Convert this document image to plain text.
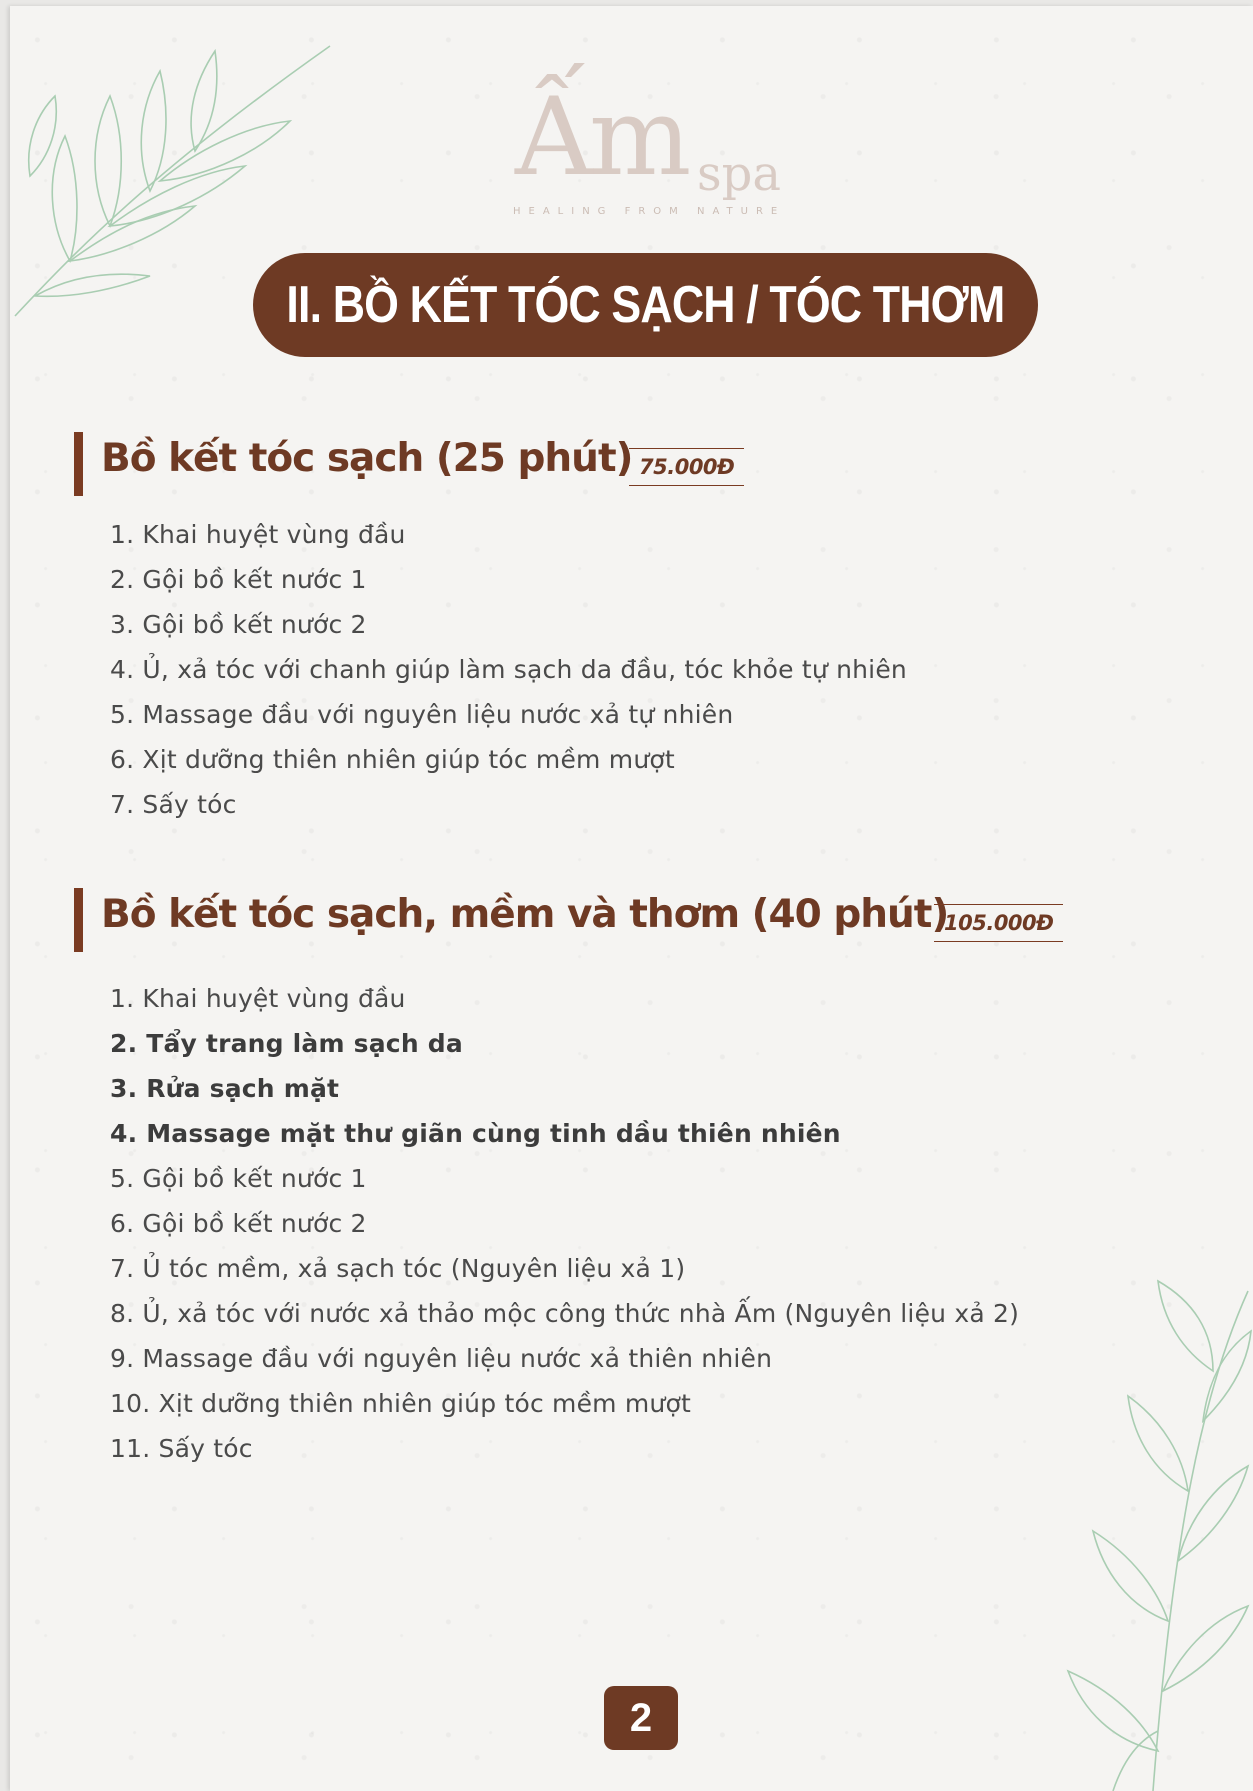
Ấm spa
HEALING FROM NATURE
II. BỒ KẾT TÓC SẠCH / TÓC THƠM
Bồ kết tóc sạch (25 phút) 75.000Đ
1. Khai huyệt vùng đầu
2. Gội bồ kết nước 1
3. Gội bồ kết nước 2
4. Ủ, xả tóc với chanh giúp làm sạch da đầu, tóc khỏe tự nhiên
5. Massage đầu với nguyên liệu nước xả tự nhiên
6. Xịt dưỡng thiên nhiên giúp tóc mềm mượt
7. Sấy tóc
Bồ kết tóc sạch, mềm và thơm (40 phút)
105.000Đ
1. Khai huyệt vùng đầu
2. Tẩy trang làm sạch da
3. Rửa sạch mặt
4. Massage mặt thư giãn cùng tinh dầu thiên nhiên
5. Gội bồ kết nước 1
6. Gội bồ kết nước 2
7. Ủ tóc mềm, xả sạch tóc (Nguyên liệu xả 1)
8. Ủ, xả tóc với nước xả thảo mộc công thức nhà Ấm (Nguyên liệu xả 2)
9. Massage đầu với nguyên liệu nước xả thiên nhiên
10. Xịt dưỡng thiên nhiên giúp tóc mềm mượt
11. Sấy tóc
2
